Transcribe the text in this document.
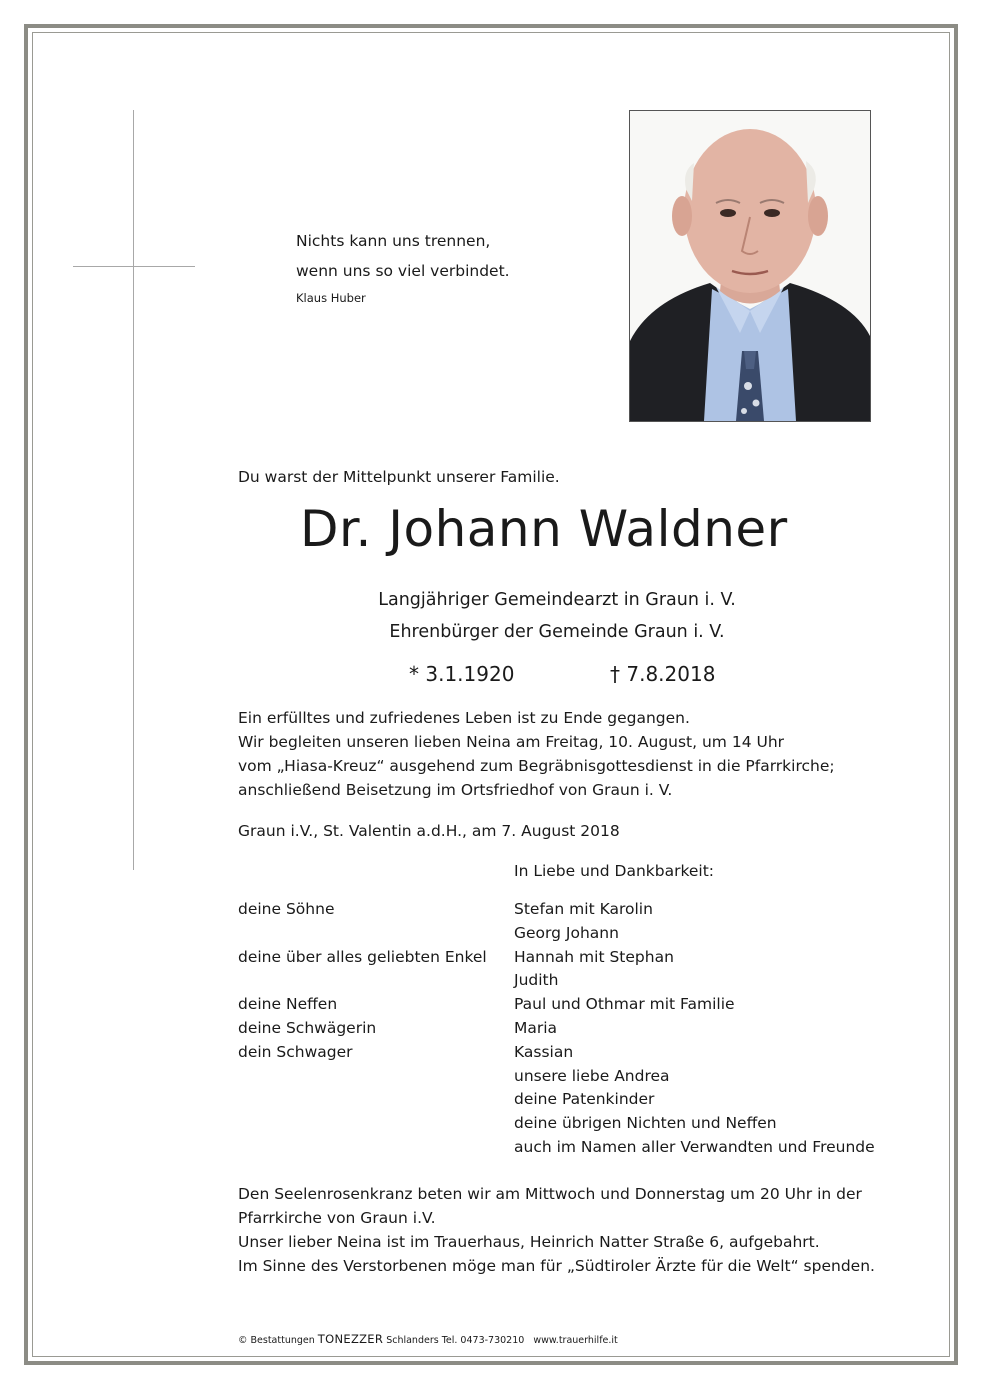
Nichts kann uns trennen,
wenn uns so viel verbindet.
Klaus Huber
Du warst der Mittelpunkt unserer Familie.
Dr. Johann Waldner
Langjähriger Gemeindearzt in Graun i. V.
Ehrenbürger der Gemeinde Graun i. V.
* 3.1.1920	† 7.8.2018
Ein erfülltes und zufriedenes Leben ist zu Ende gegangen.
Wir begleiten unseren lieben Neina am Freitag, 10. August, um 14 Uhr
vom „Hiasa-Kreuz“ ausgehend zum Begräbnisgottesdienst in die Pfarrkirche;
anschließend Beisetzung im Ortsfriedhof von Graun i. V.
Graun i.V., St. Valentin a.d.H., am 7. August 2018
In Liebe und Dankbarkeit:
deine Söhne

deine über alles geliebten Enkel

deine Neffen
deine Schwägerin
dein Schwager
Stefan mit Karolin
Georg Johann
Hannah mit Stephan
Judith
Paul und Othmar mit Familie
Maria
Kassian
unsere liebe Andrea
deine Patenkinder
deine übrigen Nichten und Neffen
auch im Namen aller Verwandten und Freunde
Den Seelenrosenkranz beten wir am Mittwoch und Donnerstag um 20 Uhr in der
Pfarrkirche von Graun i.V.
Unser lieber Neina ist im Trauerhaus, Heinrich Natter Straße 6, aufgebahrt.
Im Sinne des Verstorbenen möge man für „Südtiroler Ärzte für die Welt“ spenden.
© Bestattungen TONEZZER Schlanders Tel. 0473-730210 www.trauerhilfe.it
